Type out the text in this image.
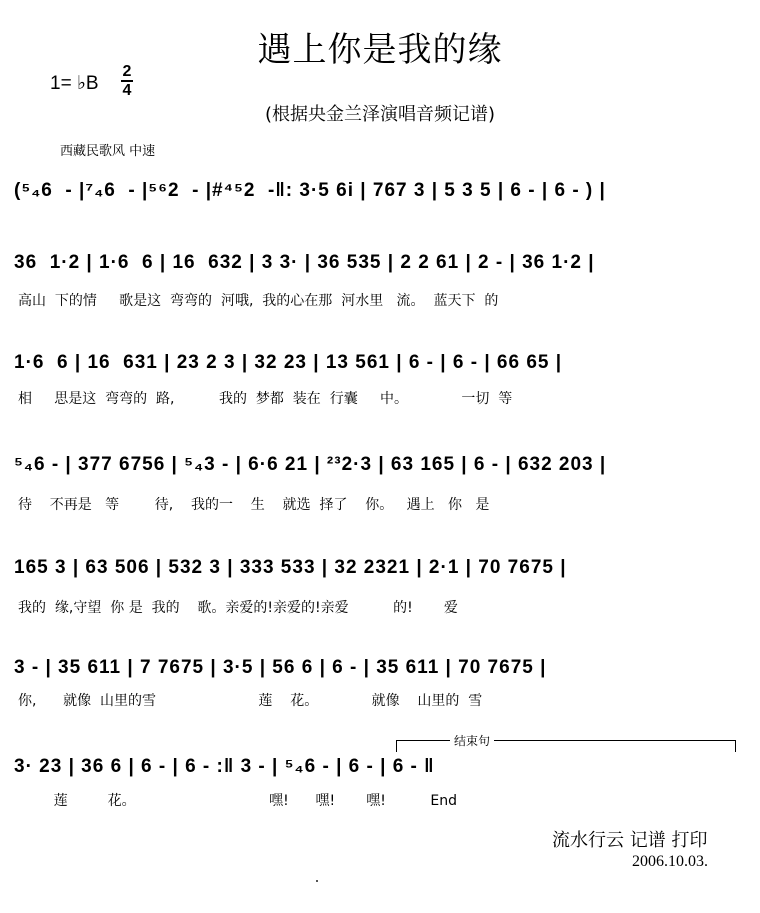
遇上你是我的缘
1= ♭B
2
4
(根据央金兰泽演唱音频记谱)
西藏民歌风 中速
(⁵₄6  - |⁷₄6  - |⁵⁶2  - |#⁴⁵2  -‖: 3·5 6i | 767 3 | 5 3 5 | 6 - | 6 - ) |
36  1·2 | 1·6  6 | 16  632 | 3 3· | 36 535 | 2 2 61 | 2 - | 36 1·2 |
高山  下的情     歌是这  弯弯的  河哦,  我的心在那  河水里   流。  蓝天下  的
1·6  6 | 16  631 | 23 2 3 | 32 23 | 13 561 | 6 - | 6 - | 66 65 |
相     思是这  弯弯的  路,          我的  梦都  装在  行囊     中。            一切  等
⁵₄6 - | 377 6756 | ⁵₄3 - | 6·6 21 | ²³2·3 | 63 165 | 6 - | 632 203 |
待    不再是   等        待,    我的一    生    就选  择了    你。   遇上   你   是
165 3 | 63 506 | 532 3 | 333 533 | 32 2321 | 2·1 | 70 7675 |
我的  缘,守望  你 是  我的    歌。亲爱的!亲爱的!亲爱          的!       爱
3 - | 35 611 | 7 7675 | 3·5 | 56 6 | 6 - | 35 611 | 70 7675 |
你,      就像  山里的雪                       莲    花。            就像    山里的  雪
结束句
3· 23 | 36 6 | 6 - | 6 - :‖ 3 - | ⁵₄6 - | 6 - | 6 - ‖
莲         花。                              嘿!      嘿!       嘿!          End
流水行云 记谱 打印
2006.10.03.
